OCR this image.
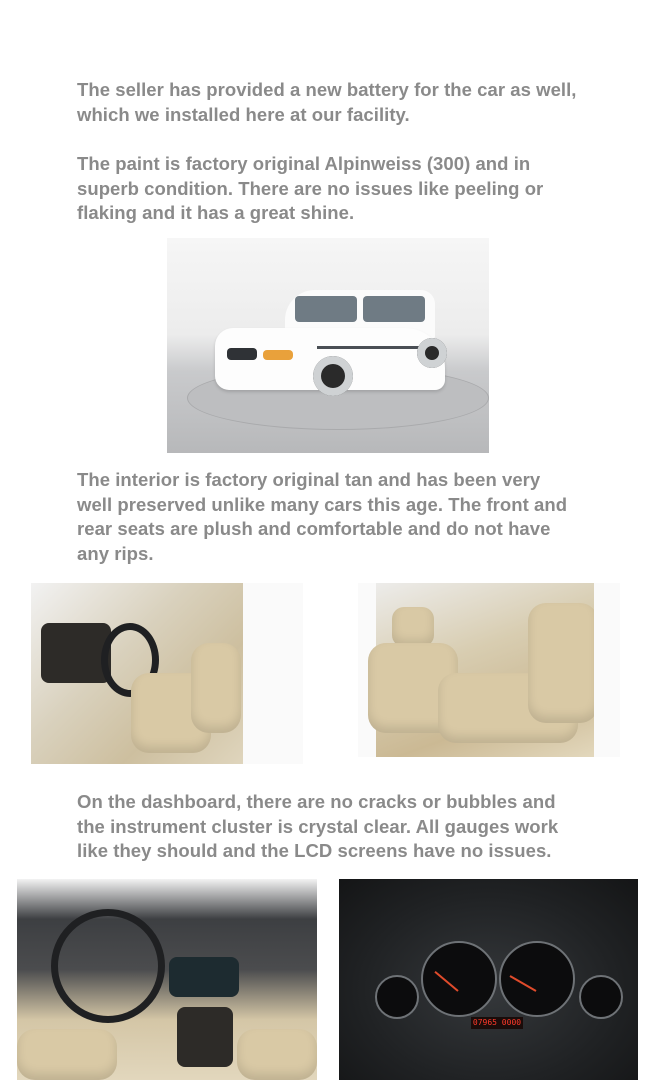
The seller has provided a new battery for the car as well, which we installed here at our facility.

The paint is factory original Alpinweiss (300) and in superb condition. There are no issues like peeling or flaking and it has a great shine.

The interior is factory original tan and has been very well preserved unlike many cars this age. The front and rear seats are plush and comfortable and do not have any rips.

On the dashboard, there are no cracks or bubbles and the instrument cluster is crystal clear. All gauges work like they should and the LCD screens have no issues.

07965 0000
